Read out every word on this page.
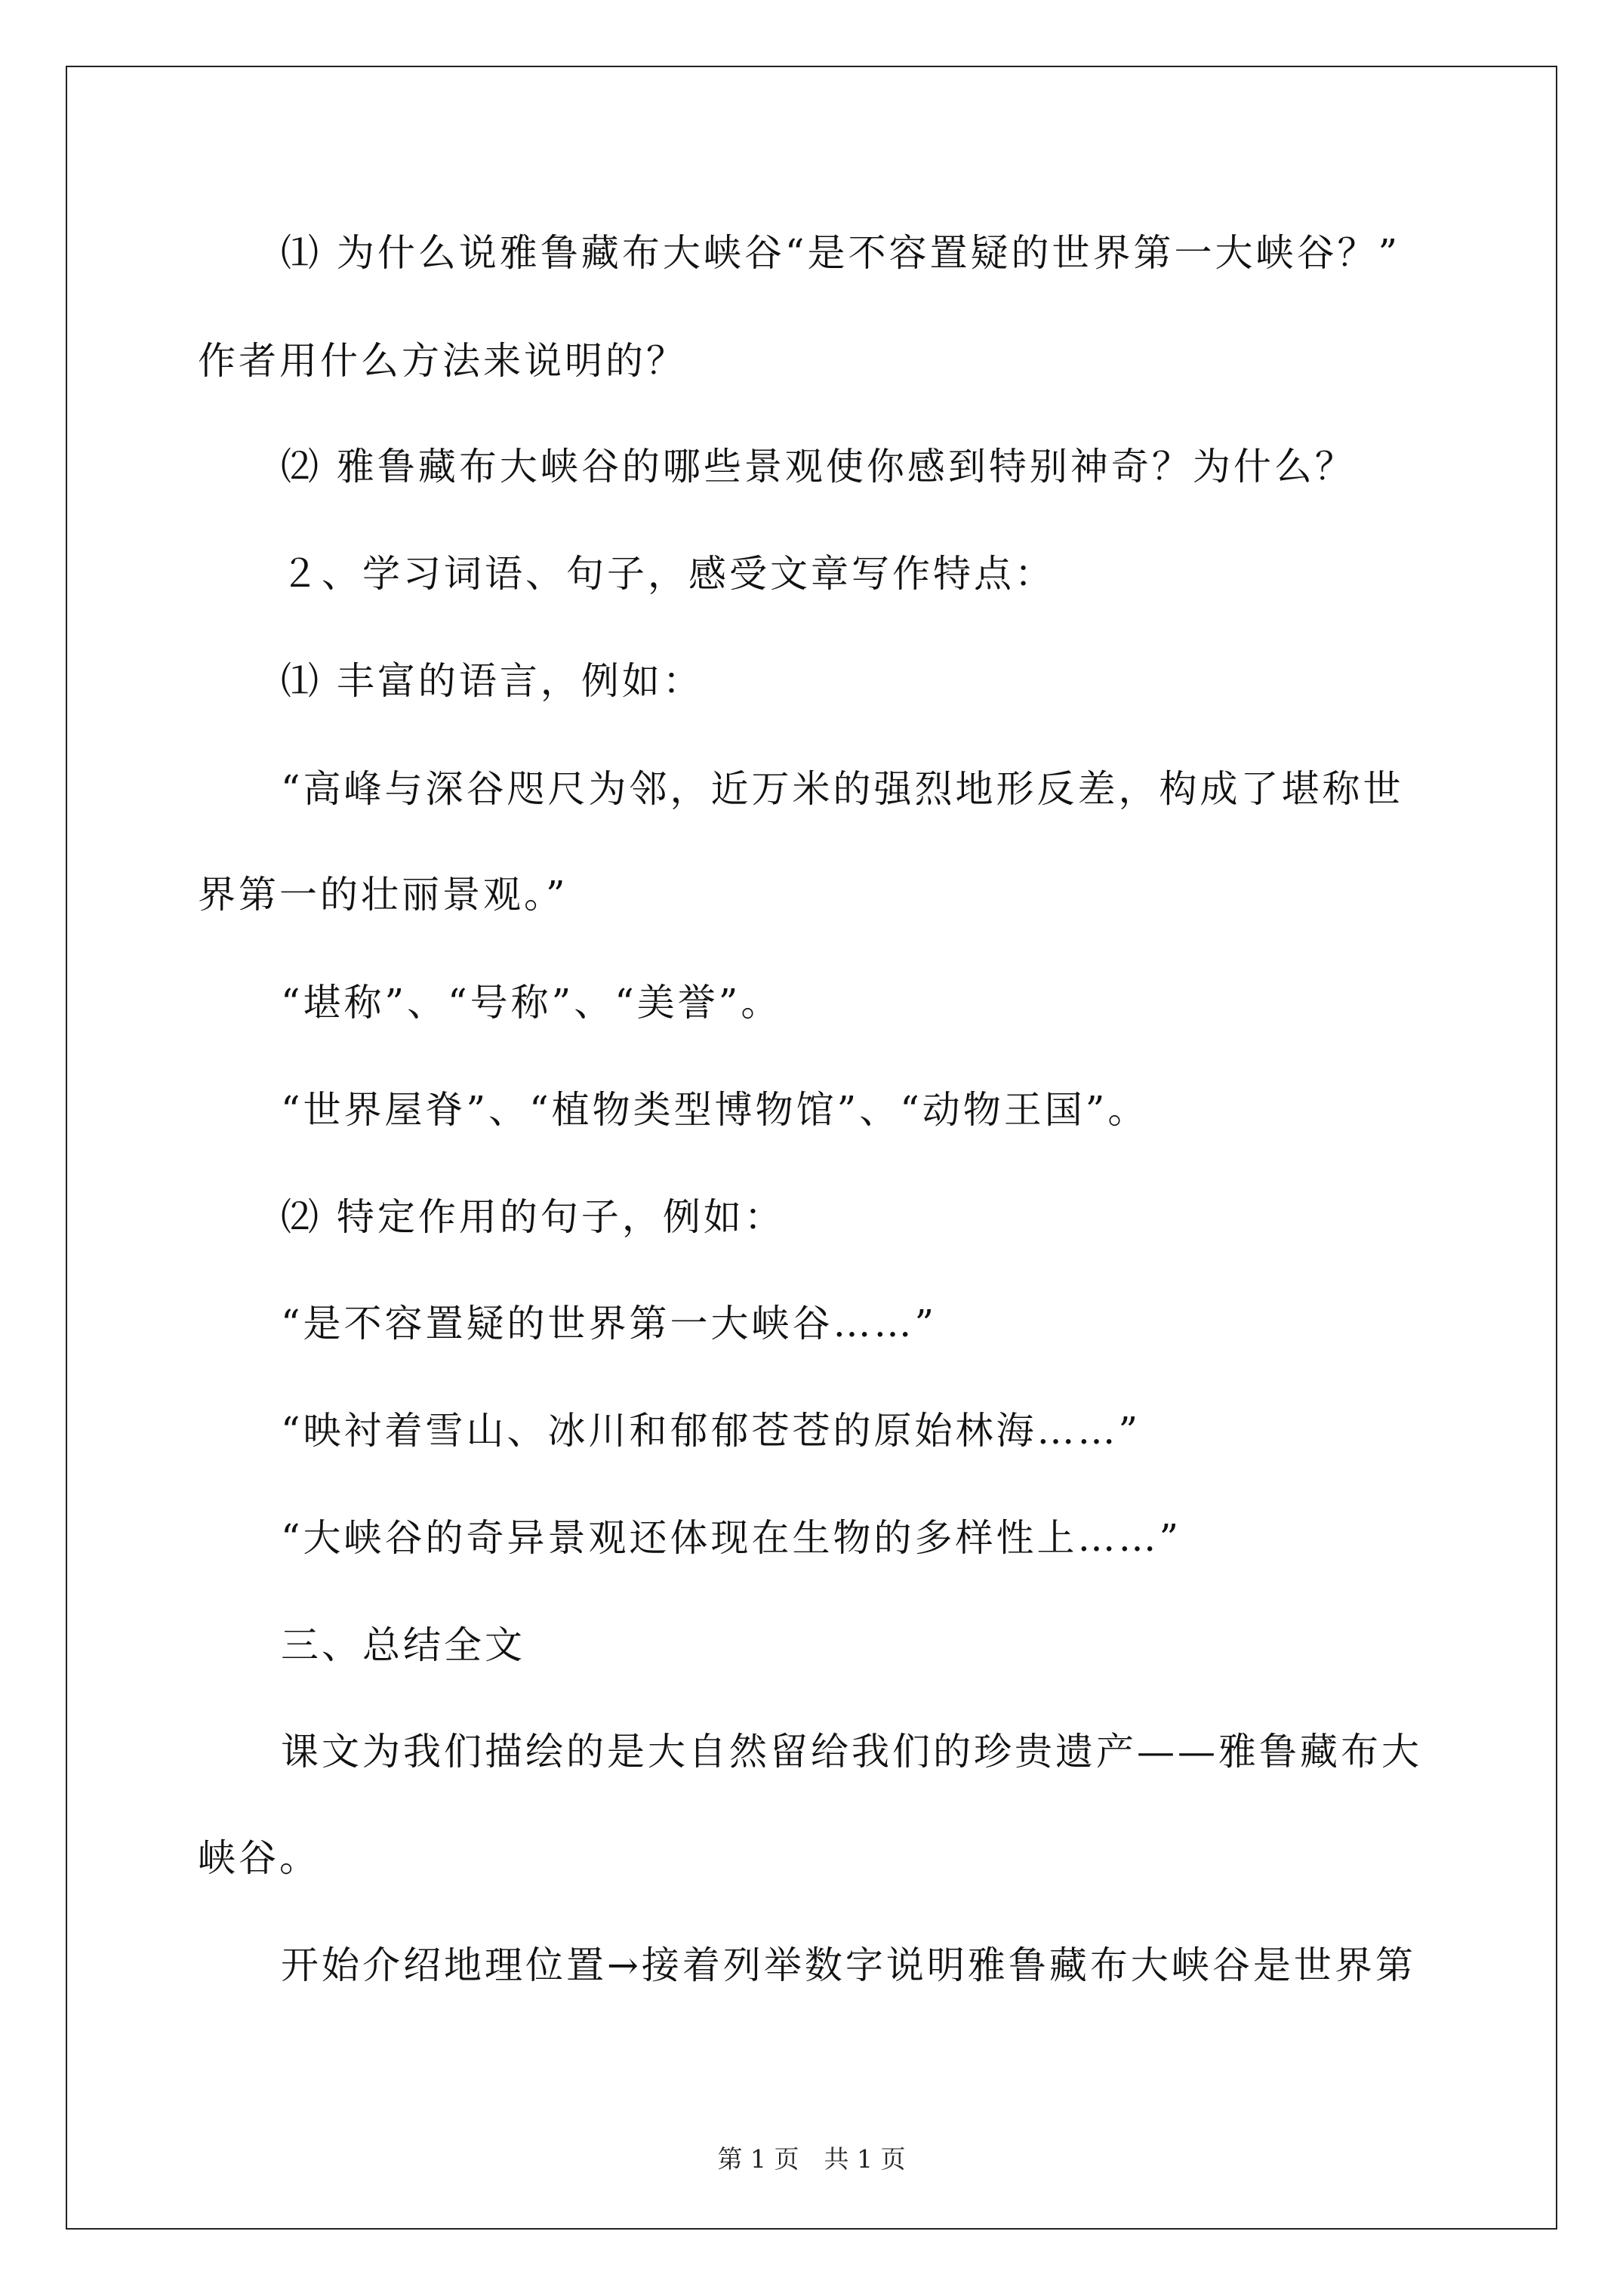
⑴ 为什么说雅鲁藏布大峡谷“是不容置疑的世界第一大峡谷？”
作者用什么方法来说明的？
⑵ 雅鲁藏布大峡谷的哪些景观使你感到特别神奇？为什么？
２、学习词语、句子，感受文章写作特点：
⑴ 丰富的语言，例如：
“高峰与深谷咫尺为邻，近万米的强烈地形反差，构成了堪称世
界第一的壮丽景观。”
“堪称”、“号称”、“美誉”。
“世界屋脊”、“植物类型博物馆”、“动物王国”。
⑵ 特定作用的句子，例如：
“是不容置疑的世界第一大峡谷……”
“映衬着雪山、冰川和郁郁苍苍的原始林海……”
“大峡谷的奇异景观还体现在生物的多样性上……”
三、总结全文
课文为我们描绘的是大自然留给我们的珍贵遗产——雅鲁藏布大
峡谷。
开始介绍地理位置→接着列举数字说明雅鲁藏布大峡谷是世界第
第 1 页　共 1 页
